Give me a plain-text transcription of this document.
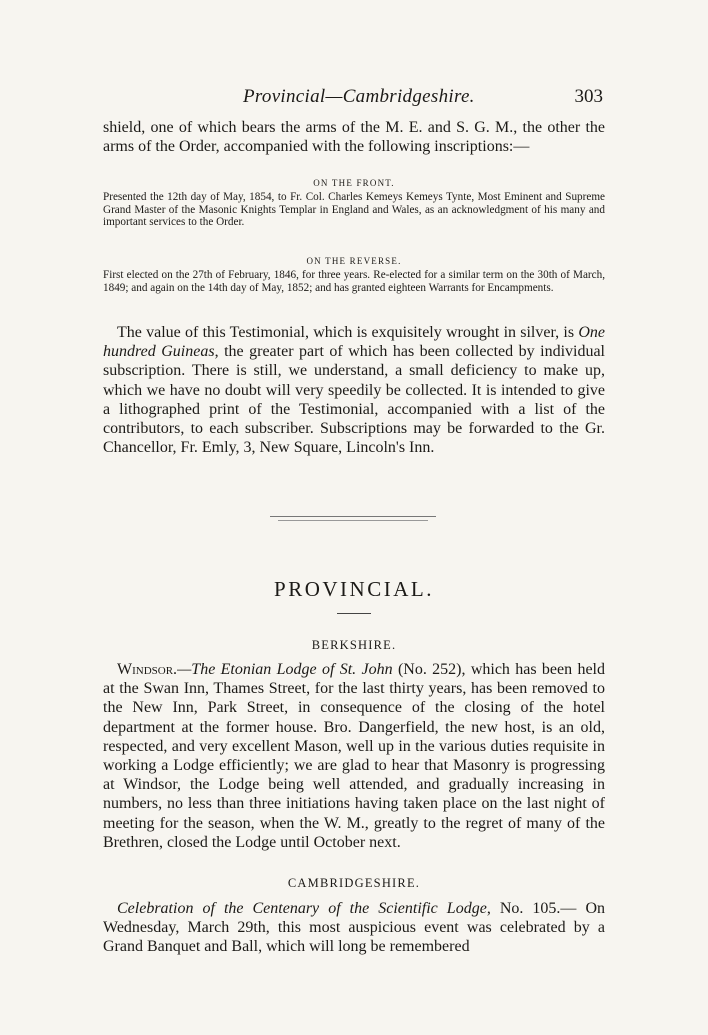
Provincial—Cambridgeshire.	303

shield, one of which bears the arms of the M. E. and S. G. M., the other the arms of the Order, accompanied with the following inscriptions:—

ON THE FRONT.

Presented the 12th day of May, 1854, to Fr. Col. Charles Kemeys Kemeys Tynte, Most Eminent and Supreme Grand Master of the Masonic Knights Templar in England and Wales, as an acknowledgment of his many and important services to the Order.

ON THE REVERSE.

First elected on the 27th of February, 1846, for three years. Re-elected for a similar term on the 30th of March, 1849; and again on the 14th day of May, 1852; and has granted eighteen Warrants for Encampments.

The value of this Testimonial, which is exquisitely wrought in silver, is One hundred Guineas, the greater part of which has been collected by individual subscription. There is still, we understand, a small deficiency to make up, which we have no doubt will very speedily be collected. It is intended to give a lithographed print of the Testimonial, accompanied with a list of the contributors, to each subscriber. Subscriptions may be forwarded to the Gr. Chancellor, Fr. Emly, 3, New Square, Lincoln's Inn.

PROVINCIAL.
BERKSHIRE.

Windsor.—The Etonian Lodge of St. John (No. 252), which has been held at the Swan Inn, Thames Street, for the last thirty years, has been removed to the New Inn, Park Street, in consequence of the closing of the hotel department at the former house. Bro. Dangerfield, the new host, is an old, respected, and very excellent Mason, well up in the various duties requisite in working a Lodge efficiently; we are glad to hear that Masonry is progressing at Windsor, the Lodge being well attended, and gradually increasing in numbers, no less than three initiations having taken place on the last night of meeting for the season, when the W. M., greatly to the regret of many of the Brethren, closed the Lodge until October next.

CAMBRIDGESHIRE.

Celebration of the Centenary of the Scientific Lodge, No. 105.— On Wednesday, March 29th, this most auspicious event was celebrated by a Grand Banquet and Ball, which will long be remembered
